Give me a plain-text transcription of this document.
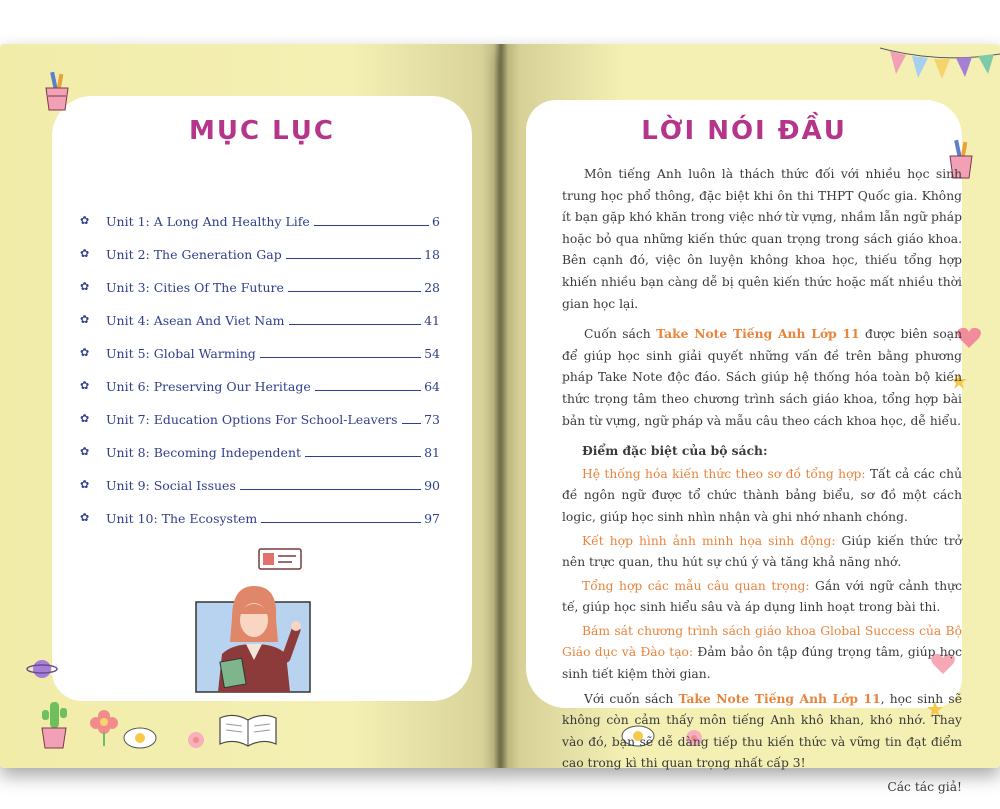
MỤC LỤC	LỜI NÓI ĐẦU
✿	Unit 1: A Long And Healthy Life	6
✿	Unit 2: The Generation Gap	18
✿	Unit 3: Cities Of The Future	28
✿	Unit 4: Asean And Viet Nam	41
✿	Unit 5: Global Warming	54
✿	Unit 6: Preserving Our Heritage	64
✿	Unit 7: Education Options For School-Leavers 73
✿	Unit 8: Becoming Independent	81
✿	Unit 9: Social Issues	90
✿	Unit 10: The Ecosystem	97

Môn tiếng Anh luôn là thách thức đối với nhiều học sinh trung học phổ thông, đặc biệt khi ôn thi THPT Quốc gia. Không ít bạn gặp khó khăn trong việc nhớ từ vựng, nhầm lẫn ngữ pháp hoặc bỏ qua những kiến thức quan trọng trong sách giáo khoa. Bên cạnh đó, việc ôn luyện không khoa học, thiếu tổng hợp khiến nhiều bạn càng dễ bị quên kiến thức hoặc mất nhiều thời gian học lại.

Cuốn sách Take Note Tiếng Anh Lớp 11 được biên soạn để giúp học sinh giải quyết những vấn đề trên bằng phương pháp Take Note độc đáo. Sách giúp hệ thống hóa toàn bộ kiến thức trọng tâm theo chương trình sách giáo khoa, tổng hợp bài bản từ vựng, ngữ pháp và mẫu câu theo cách khoa học, dễ hiểu.

Điểm đặc biệt của bộ sách:

Hệ thống hóa kiến thức theo sơ đồ tổng hợp: Tất cả các chủ đề ngôn ngữ được tổ chức thành bảng biểu, sơ đồ một cách logic, giúp học sinh nhìn nhận và ghi nhớ nhanh chóng.

Kết hợp hình ảnh minh họa sinh động: Giúp kiến thức trở nên trực quan, thu hút sự chú ý và tăng khả năng nhớ.

Tổng hợp các mẫu câu quan trọng: Gắn với ngữ cảnh thực tế, giúp học sinh hiểu sâu và áp dụng linh hoạt trong bài thi.

Bám sát chương trình sách giáo khoa Global Success của Bộ Giáo dục và Đào tạo: Đảm bảo ôn tập đúng trọng tâm, giúp học sinh tiết kiệm thời gian.

Với cuốn sách Take Note Tiếng Anh Lớp 11, học sinh sẽ không còn cảm thấy môn tiếng Anh khô khan, khó nhớ. Thay vào đó, bạn sẽ dễ dàng tiếp thu kiến thức và vững tin đạt điểm cao trong kì thi quan trọng nhất cấp 3!

Các tác giả!
